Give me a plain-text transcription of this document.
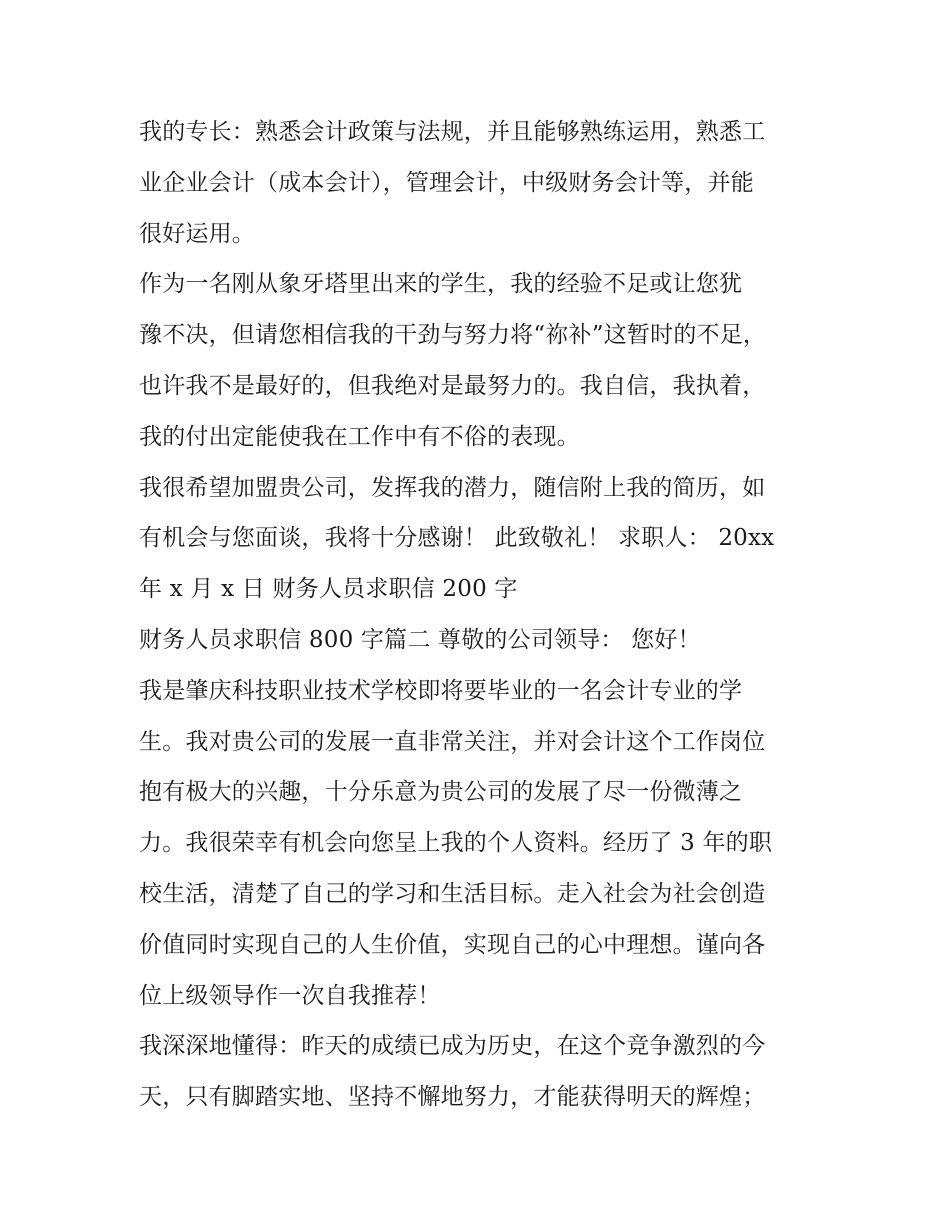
我的专长：熟悉会计政策与法规，并且能够熟练运用，熟悉工
业企业会计（成本会计），管理会计，中级财务会计等，并能
很好运用。
作为一名刚从象牙塔里出来的学生，我的经验不足或让您犹
豫不决，但请您相信我的干劲与努力将“祢补”这暂时的不足，
也许我不是最好的，但我绝对是最努力的。我自信，我执着，
我的付出定能使我在工作中有不俗的表现。
我很希望加盟贵公司，发挥我的潜力，随信附上我的简历，如
有机会与您面谈，我将十分感谢！ 此致敬礼！ 求职人： 20xx
年 x 月 x 日 财务人员求职信 200 字
财务人员求职信 800 字篇二 尊敬的公司领导： 您好！
我是肇庆科技职业技术学校即将要毕业的一名会计专业的学
生。我对贵公司的发展一直非常关注，并对会计这个工作岗位
抱有极大的兴趣，十分乐意为贵公司的发展了尽一份微薄之
力。我很荣幸有机会向您呈上我的个人资料。经历了 3 年的职
校生活，清楚了自己的学习和生活目标。走入社会为社会创造
价值同时实现自己的人生价值，实现自己的心中理想。谨向各
位上级领导作一次自我推荐！
我深深地懂得：昨天的成绩已成为历史，在这个竞争激烈的今
天，只有脚踏实地、坚持不懈地努力，才能获得明天的辉煌；
